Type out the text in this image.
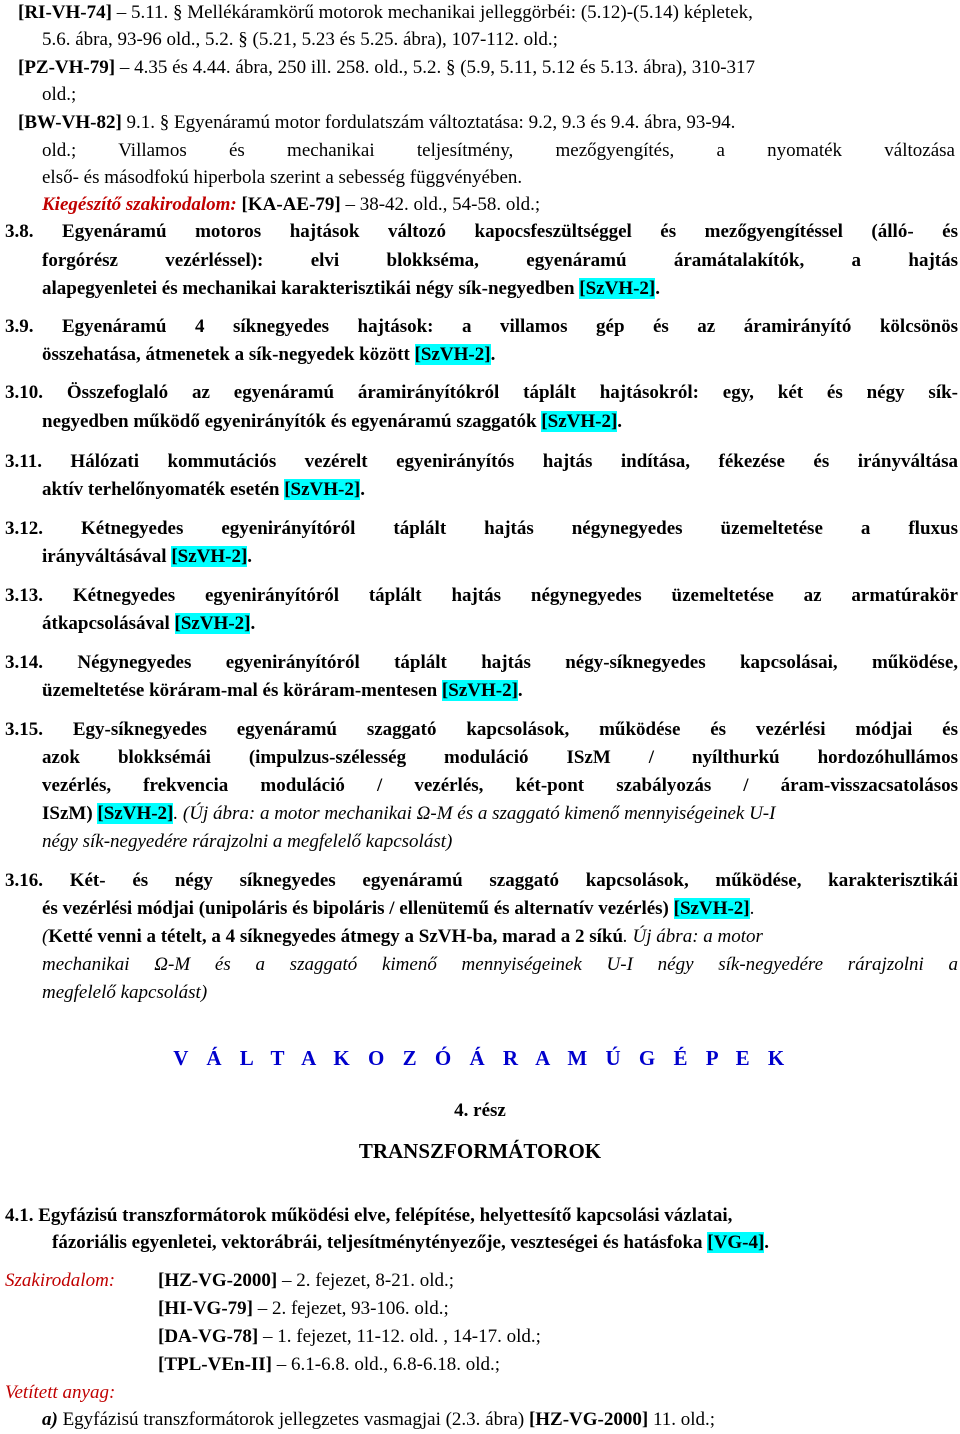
[RI-VH-74] – 5.11. § Mellékáramkörű motorok mechanikai jelleggörbéi: (5.12)-(5.14) képletek,
5.6. ábra, 93-96 old., 5.2. § (5.21, 5.23 és 5.25. ábra), 107-112. old.;
[PZ-VH-79] – 4.35 és 4.44. ábra, 250 ill. 258. old., 5.2. § (5.9, 5.11, 5.12 és 5.13. ábra), 310-317
old.;
[BW-VH-82] 9.1. § Egyenáramú motor fordulatszám változtatása: 9.2, 9.3 és 9.4. ábra, 93-94.
old.; Villamos és mechanikai teljesítmény, mezőgyengítés, a nyomaték változása
első- és másodfokú hiperbola szerint a sebesség függvényében.
Kiegészítő szakirodalom: [KA-AE-79] – 38-42. old., 54-58. old.;
3.8. Egyenáramú motoros hajtások változó kapocsfeszültséggel és mezőgyengítéssel (álló- és
forgórész vezérléssel): elvi blokkséma, egyenáramú áramátalakítók, a hajtás
alapegyenletei és mechanikai karakterisztikái négy sík-negyedben [SzVH-2].
3.9. Egyenáramú 4 síknegyedes hajtások: a villamos gép és az áramirányító kölcsönös
összehatása, átmenetek a sík-negyedek között [SzVH-2].
3.10. Összefoglaló az egyenáramú áramirányítókról táplált hajtásokról: egy, két és négy sík-
negyedben működő egyenirányítók és egyenáramú szaggatók [SzVH-2].
3.11. Hálózati kommutációs vezérelt egyenirányítós hajtás indítása, fékezése és irányváltása
aktív terhelőnyomaték esetén [SzVH-2].
3.12. Kétnegyedes egyenirányítóról táplált hajtás négynegyedes üzemeltetése a fluxus
irányváltásával [SzVH-2].
3.13. Kétnegyedes egyenirányítóról táplált hajtás négynegyedes üzemeltetése az armatúrakör
átkapcsolásával [SzVH-2].
3.14. Négynegyedes egyenirányítóról táplált hajtás négy-síknegyedes kapcsolásai, működése,
üzemeltetése köráram-mal és köráram-mentesen [SzVH-2].
3.15. Egy-síknegyedes egyenáramú szaggató kapcsolások, működése és vezérlési módjai és
azok blokksémái (impulzus-szélesség moduláció ISzM / nyílthurkú hordozóhullámos
vezérlés, frekvencia moduláció / vezérlés, két-pont szabályozás / áram-visszacsatolásos
ISzM) [SzVH-2]. (Új ábra: a motor mechanikai Ω-M és a szaggató kimenő mennyiségeinek U-I
négy sík-negyedére rárajzolni a megfelelő kapcsolást)
3.16. Két- és négy síknegyedes egyenáramú szaggató kapcsolások, működése, karakterisztikái
és vezérlési módjai (unipoláris és bipoláris / ellenütemű és alternatív vezérlés) [SzVH-2].
(Ketté venni a tételt, a 4 síknegyedes átmegy a SzVH-ba, marad a 2 síkú. Új ábra: a motor
mechanikai Ω-M és a szaggató kimenő mennyiségeinek U-I négy sík-negyedére rárajzolni a
megfelelő kapcsolást)
V Á L T A K O Z Ó Á R A M Ú G É P E K
4. rész
TRANSZFORMÁTOROK
4.1. Egyfázisú transzformátorok működési elve, felépítése, helyettesítő kapcsolási vázlatai,
fázoriális egyenletei, vektorábrái, teljesítménytényezője, veszteségei és hatásfoka [VG-4].
Szakirodalom: [HZ-VG-2000] – 2. fejezet, 8-21. old.;
[HI-VG-79] – 2. fejezet, 93-106. old.;
[DA-VG-78] – 1. fejezet, 11-12. old. , 14-17. old.;
[TPL-VEn-II] – 6.1-6.8. old., 6.8-6.18. old.;
Vetített anyag:
a) Egyfázisú transzformátorok jellegzetes vasmagjai (2.3. ábra) [HZ-VG-2000] 11. old.;
